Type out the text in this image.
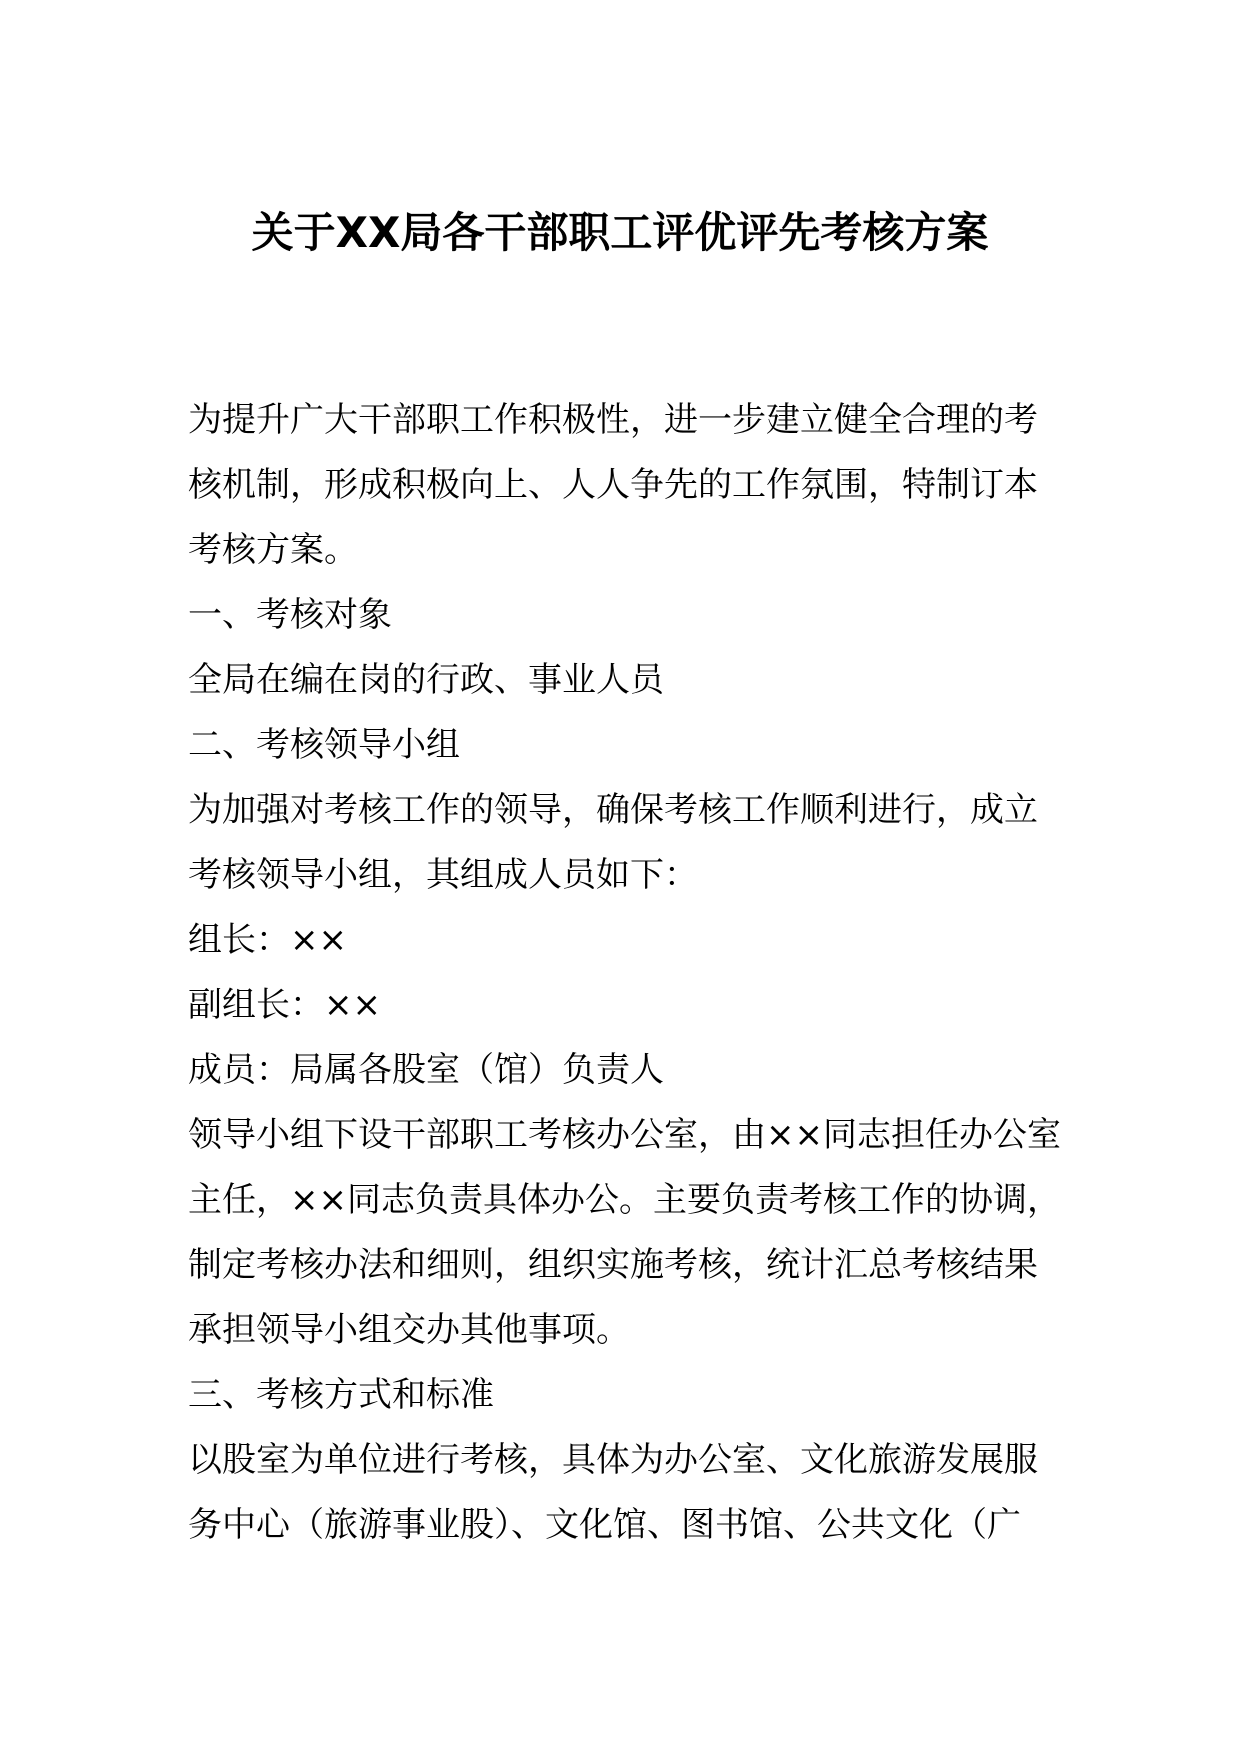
关于XX局各干部职工评优评先考核方案

为提升广大干部职工作积极性，进一步建立健全合理的考
核机制，形成积极向上、人人争先的工作氛围，特制订本
考核方案。

一、考核对象

全局在编在岗的行政、事业人员

二、考核领导小组

为加强对考核工作的领导，确保考核工作顺利进行，成立
考核领导小组，其组成人员如下：

组长：××

副组长：××

成员：局属各股室（馆）负责人

领导小组下设干部职工考核办公室，由××同志担任办公室
主任，××同志负责具体办公。主要负责考核工作的协调，
制定考核办法和细则，组织实施考核，统计汇总考核结果
承担领导小组交办其他事项。

三、考核方式和标准

以股室为单位进行考核，具体为办公室、文化旅游发展服
务中心（旅游事业股）、文化馆、图书馆、公共文化（广
